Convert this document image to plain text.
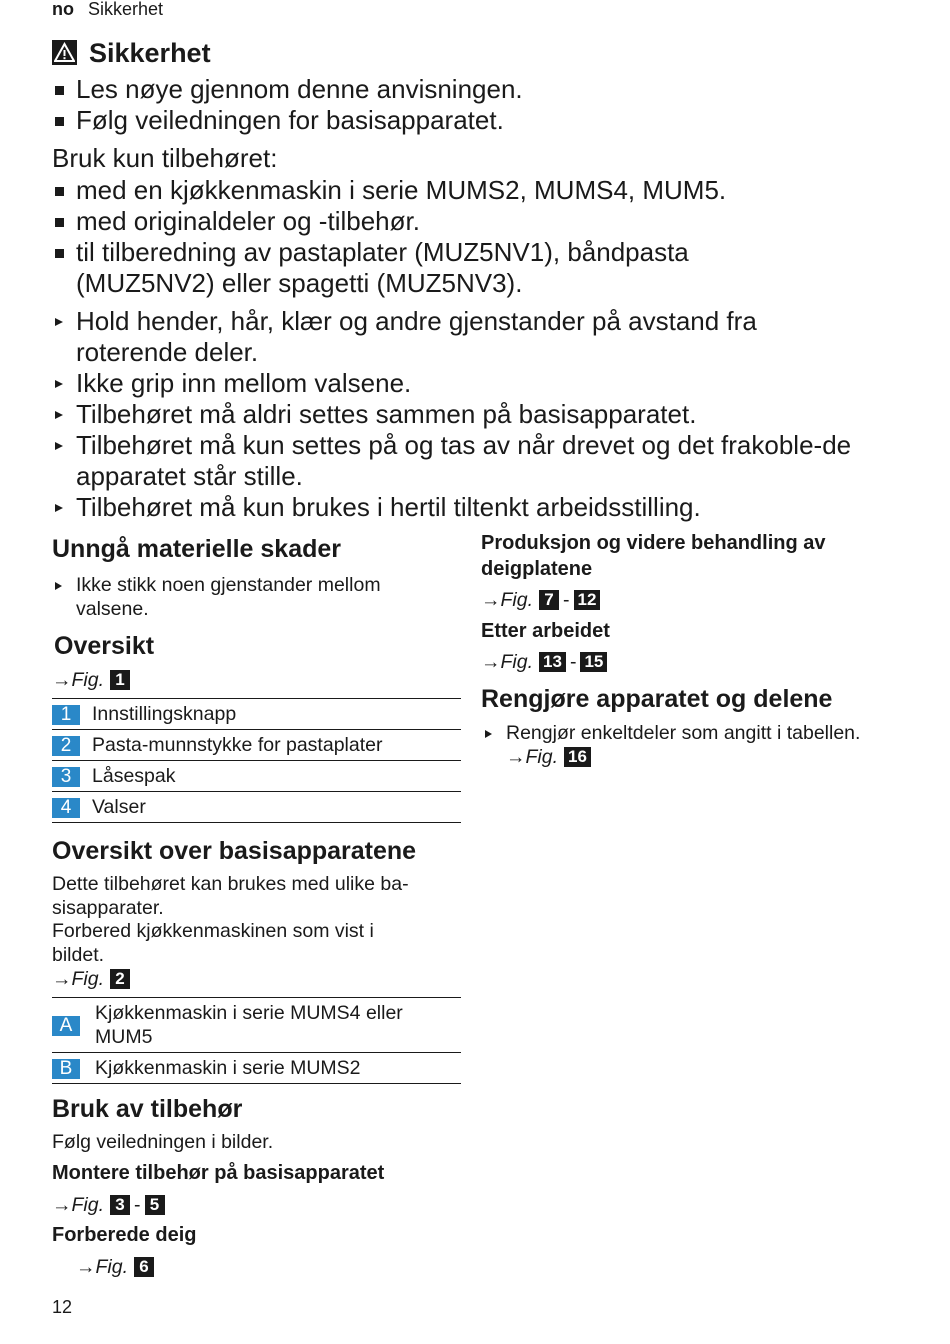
no Sikkerhet
Sikkerhet
Les nøye gjennom denne anvisningen.
Følg veiledningen for basisapparatet.
Bruk kun tilbehøret:
med en kjøkkenmaskin i serie MUMS2, MUMS4, MUM5.
med originaldeler og -tilbehør.
til tilberedning av pastaplater (MUZ5NV1), båndpasta (MUZ5NV2) eller spagetti (MUZ5NV3).
Hold hender, hår, klær og andre gjenstander på avstand fra roterende deler.
Ikke grip inn mellom valsene.
Tilbehøret må aldri settes sammen på basisapparatet.
Tilbehøret må kun settes på og tas av når drevet og det frakoble-de apparatet står stille.
Tilbehøret må kun brukes i hertil tiltenkt arbeidsstilling.
Unngå materielle skader
Ikke stikk noen gjenstander mellom valsene.
Oversikt
→Fig. 1
1	Innstillingsknapp
2	Pasta-munnstykke for pastaplater
3	Låsespak
4	Valser
Oversikt over basisapparatene
Dette tilbehøret kan brukes med ulike ba-sisapparater.
Forbered kjøkkenmaskinen som vist i bildet.
→Fig. 2
A	Kjøkkenmaskin i serie MUMS4 eller MUM5
B	Kjøkkenmaskin i serie MUMS2
Bruk av tilbehør
Følg veiledningen i bilder.
Montere tilbehør på basisapparatet
→Fig. 3 - 5
Forberede deig
→Fig. 6
Produksjon og videre behandling av deigplatene
→Fig. 7 - 12
Etter arbeidet
→Fig. 13 - 15
Rengjøre apparatet og delene
Rengjør enkeltdeler som angitt i tabellen.
→Fig. 16
12
